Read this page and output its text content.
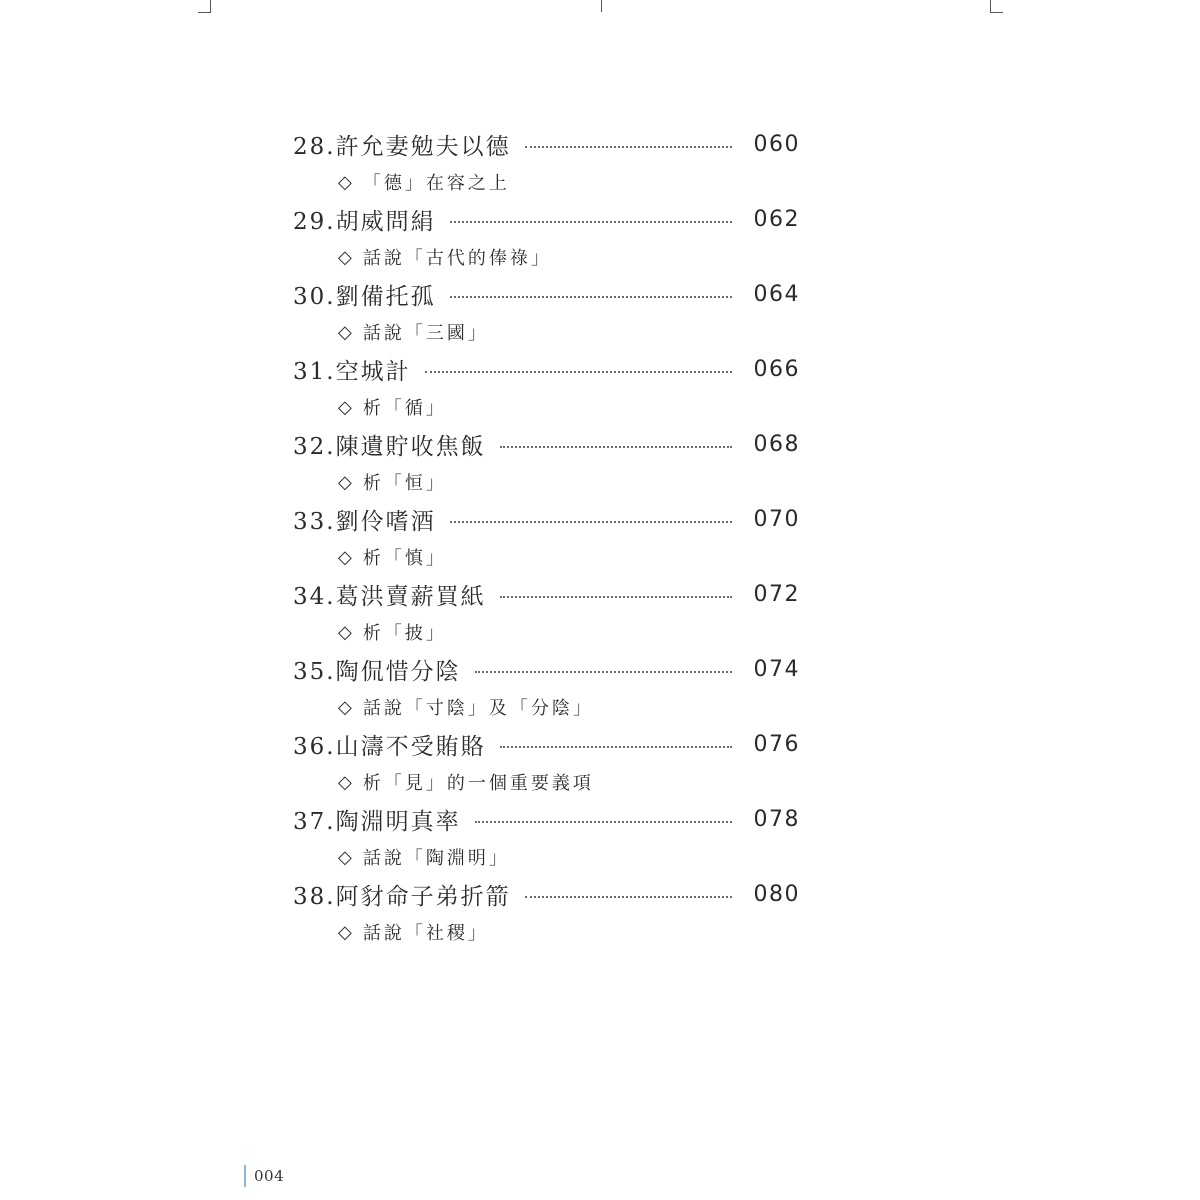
28.許允妻勉夫以德	060
◇ 「德」在容之上
29.胡威問絹	062
◇ 話說「古代的俸祿」
30.劉備托孤	064
◇ 話說「三國」
31.空城計	066
◇ 析「循」
32.陳遺貯收焦飯	068
◇ 析「恒」
33.劉伶嗜酒	070
◇ 析「慎」
34.葛洪賣薪買紙	072
◇ 析「披」
35.陶侃惜分陰	074
◇ 話說「寸陰」及「分陰」
36.山濤不受賄賂	076
◇ 析「見」的一個重要義項
37.陶淵明真率	078
◇ 話說「陶淵明」
38.阿豺命子弟折箭	080
◇ 話說「社稷」
004
